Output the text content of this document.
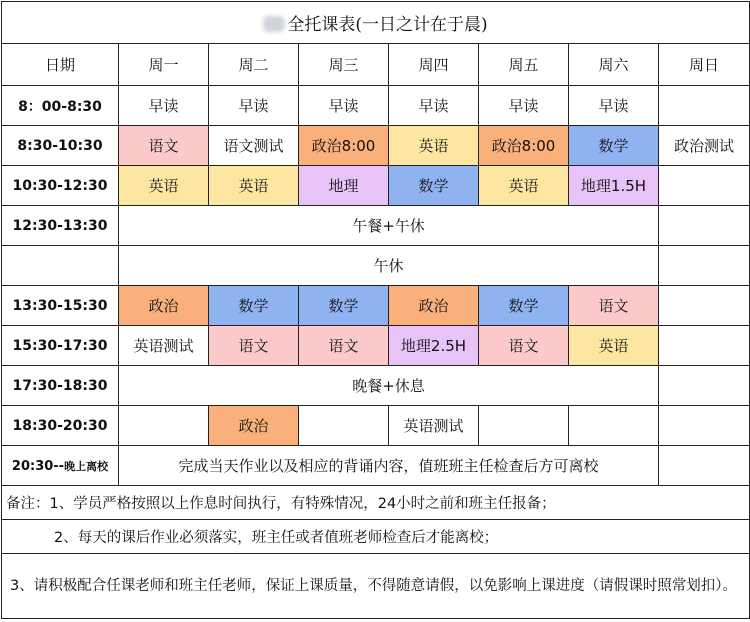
全托课表(一日之计在于晨)							
日期	周一	周二	周三	周四	周五	周六	周日
8：00-8:30	早读	早读	早读	早读	早读	早读	
8:30-10:30	语文	语文测试	政治8:00	英语	政治8:00	数学	政治测试
10:30-12:30	英语	英语	地理	数学	英语	地理1.5H	
12:30-13:30	午餐+午休						
	午休						
13:30-15:30	政治	数学	数学	政治	数学	语文	
15:30-17:30	英语测试	语文	语文	地理2.5H	语文	英语	
17:30-18:30	晚餐+休息						
18:30-20:30		政治		英语测试			
20:30--晚上离校	完成当天作业以及相应的背诵内容，值班班主任检查后方可离校						
备注：1、学员严格按照以上作息时间执行，有特殊情况，24小时之前和班主任报备；							
2、每天的课后作业必须落实，班主任或者值班老师检查后才能离校；							
3、请积极配合任课老师和班主任老师，保证上课质量，不得随意请假，以免影响上课进度（请假课时照常划扣）。							
